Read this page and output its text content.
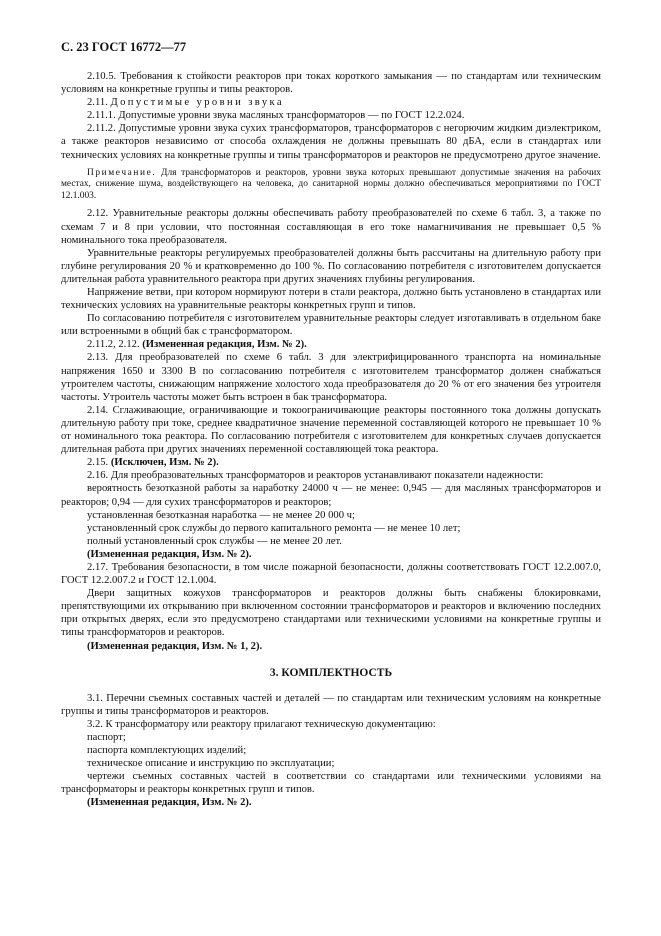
С. 23 ГОСТ 16772—77

2.10.5. Требования к стойкости реакторов при токах короткого замыкания — по стандартам или техническим условиям на конкретные группы и типы реакторов.

2.11. Допустимые уровни звука

2.11.1. Допустимые уровни звука масляных трансформаторов — по ГОСТ 12.2.024.

2.11.2. Допустимые уровни звука сухих трансформаторов, трансформаторов с негорючим жидким диэлектриком, а также реакторов независимо от способа охлаждения не должны превышать 80 дБА, если в стандартах или технических условиях на конкретные группы и типы трансформаторов и реакторов не предусмотрено другое значение.

Примечание. Для трансформаторов и реакторов, уровни звука которых превышают допустимые значения на рабочих местах, снижение шума, воздействующего на человека, до санитарной нормы должно обеспечиваться мероприятиями по ГОСТ 12.1.003.

2.12. Уравнительные реакторы должны обеспечивать работу преобразователей по схеме 6 табл. 3, а также по схемам 7 и 8 при условии, что постоянная составляющая в его токе намагничивания не превышает 0,5 % номинального тока преобразователя.

Уравнительные реакторы регулируемых преобразователей должны быть рассчитаны на длительную работу при глубине регулирования 20 % и кратковременно до 100 %. По согласованию потребителя с изготовителем допускается длительная работа уравнительного реактора при других значениях глубины регулирования.

Напряжение ветви, при котором нормируют потери в стали реактора, должно быть установлено в стандартах или технических условиях на уравнительные реакторы конкретных групп и типов.

По согласованию потребителя с изготовителем уравнительные реакторы следует изготавливать в отдельном баке или встроенными в общий бак с трансформатором.

2.11.2, 2.12. (Измененная редакция, Изм. № 2).

2.13. Для преобразователей по схеме 6 табл. 3 для электрифицированного транспорта на номинальные напряжения 1650 и 3300 В по согласованию потребителя с изготовителем трансформатор должен снабжаться утроителем частоты, снижающим напряжение холостого хода преобразователя до 20 % от его значения без утроителя частоты. Утроитель частоты может быть встроен в бак трансформатора.

2.14. Сглаживающие, ограничивающие и токоограничивающие реакторы постоянного тока должны допускать длительную работу при токе, среднее квадратичное значение переменной составляющей которого не превышает 10 % от номинального тока реактора. По согласованию потребителя с изготовителем для конкретных случаев допускается длительная работа при других значениях переменной составляющей тока реактора.

2.15. (Исключен, Изм. № 2).

2.16. Для преобразовательных трансформаторов и реакторов устанавливают показатели надежности:

вероятность безотказной работы за наработку 24000 ч — не менее: 0,945 — для масляных трансформаторов и реакторов; 0,94 — для сухих трансформаторов и реакторов;

установленная безотказная наработка — не менее 20 000 ч;

установленный срок службы до первого капитального ремонта — не менее 10 лет;

полный установленный срок службы — не менее 20 лет.

(Измененная редакция, Изм. № 2).

2.17. Требования безопасности, в том числе пожарной безопасности, должны соответствовать ГОСТ 12.2.007.0, ГОСТ 12.2.007.2 и ГОСТ 12.1.004.

Двери защитных кожухов трансформаторов и реакторов должны быть снабжены блокировками, препятствующими их открыванию при включенном состоянии трансформаторов и реакторов и включению последних при открытых дверях, если это предусмотрено стандартами или техническими условиями на конкретные группы и типы трансформаторов и реакторов.

(Измененная редакция, Изм. № 1, 2).

3. КОМПЛЕКТНОСТЬ

3.1. Перечни съемных составных частей и деталей — по стандартам или техническим условиям на конкретные группы и типы трансформаторов и реакторов.

3.2. К трансформатору или реактору прилагают техническую документацию:

паспорт;

паспорта комплектующих изделий;

техническое описание и инструкцию по эксплуатации;

чертежи съемных составных частей в соответствии со стандартами или техническими условиями на трансформаторы и реакторы конкретных групп и типов.

(Измененная редакция, Изм. № 2).
